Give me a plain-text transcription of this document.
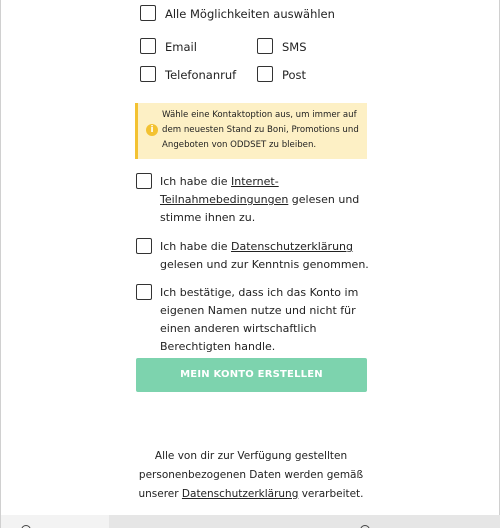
Alle Möglichkeiten auswählen
Email	SMS
Telefonanruf	Post
i
Wähle eine Kontaktoption aus, um immer auf
dem neuesten Stand zu Boni, Promotions und
Angeboten von ODDSET zu bleiben.
Ich habe die Internet-Teilnahmebedingungen gelesen und stimme ihnen zu.
Ich habe die Datenschutzerklärung gelesen und zur Kenntnis genommen.
Ich bestätige, dass ich das Konto im eigenen Namen nutze und nicht für einen anderen wirtschaftlich Berechtigten handle.
MEIN KONTO ERSTELLEN
Alle von dir zur Verfügung gestellten personenbezogenen Daten werden gemäß unserer Datenschutzerklärung verarbeitet.
